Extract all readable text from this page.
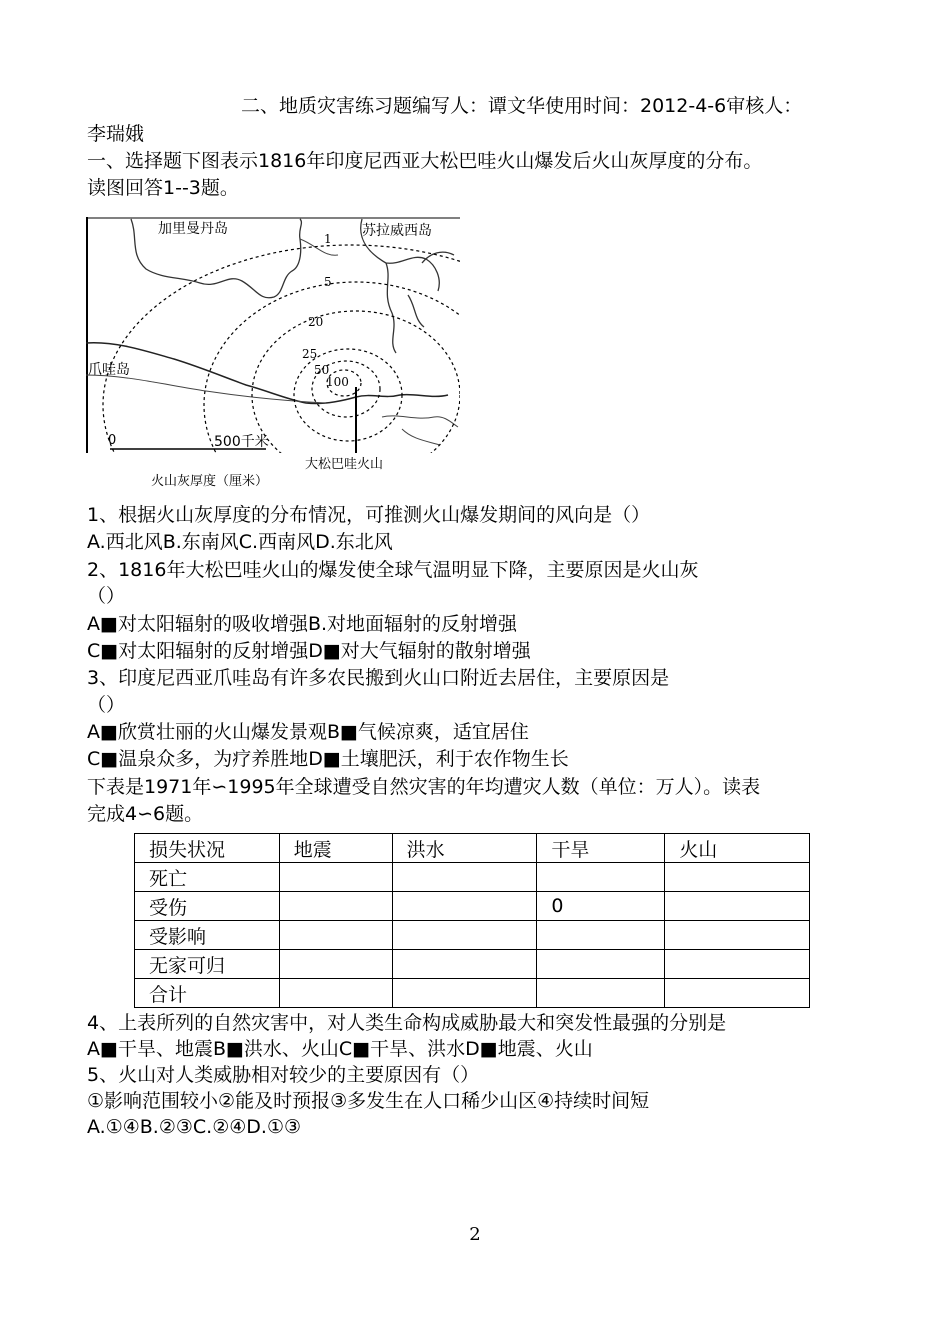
二、地质灾害练习题编写人：谭文华使用时间：2012-4-6审核人：
李瑞娥
一、选择题下图表示1816年印度尼西亚大松巴哇火山爆发后火山灰厚度的分布。
读图回答1--3题。
加里曼丹岛	苏拉威西岛
爪哇岛
1
5
20
25
50
100
0	500千米
大松巴哇火山
火山灰厚度（厘米）
1、根据火山灰厚度的分布情况，可推测火山爆发期间的风向是（）
A.西北风B.东南风C.西南风D.东北风
2、1816年大松巴哇火山的爆发使全球气温明显下降，主要原因是火山灰
（）
A■对太阳辐射的吸收增强B.对地面辐射的反射增强
C■对太阳辐射的反射增强D■对大气辐射的散射增强
3、印度尼西亚爪哇岛有许多农民搬到火山口附近去居住，主要原因是
（）
A■欣赏壮丽的火山爆发景观B■气候凉爽，适宜居住
C■温泉众多，为疗养胜地D■土壤肥沃，利于农作物生长
下表是1971年∽1995年全球遭受自然灾害的年均遭灾人数（单位：万人）。读表
完成4∽6题。
损失状况	地震	洪水	干旱	火山
死亡				
受伤			0	
受影响				
无家可归				
合计				
4、上表所列的自然灾害中，对人类生命构成威胁最大和突发性最强的分别是
A■干旱、地震B■洪水、火山C■干旱、洪水D■地震、火山
5、火山对人类威胁相对较少的主要原因有（）
①影响范围较小②能及时预报③多发生在人口稀少山区④持续时间短
A.①④B.②③C.②④D.①③
2
